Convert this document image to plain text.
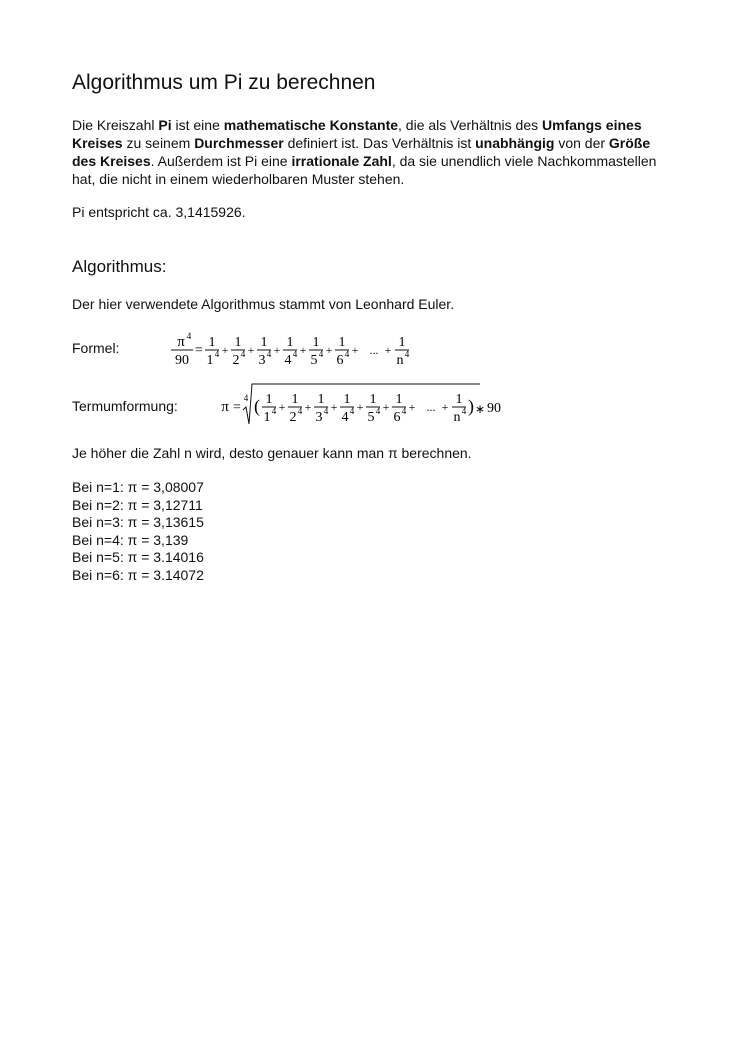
Algorithmus um Pi zu berechnen

Die Kreiszahl Pi ist eine mathematische Konstante, die als Verhältnis des Umfangs eines Kreises zu seinem Durchmesser definiert ist. Das Verhältnis ist unabhängig von der Größe des Kreises. Außerdem ist Pi eine irrationale Zahl, da sie unendlich viele Nachkommastellen hat, die nicht in einem wiederholbaren Muster stehen.

Pi entspricht ca. 3,1415926.

Algorithmus:

Der hier verwendete Algorithmus stammt von Leonhard Euler.

Formel:	π 4
90
=
1
1 4 + 1
2 4 + 1
3 4 + 1
4 4 + 1
5 4 + 1
6 4 + ... + 1
n 4

Termumformung:	π =
4 ( 1
1 4 + 1
2 4 + 1
3 4 + 1
4 4 + 1
5 4 + 1
6 4 + ... + 1
n 4 ) ∗ 90

Je höher die Zahl n wird, desto genauer kann man π berechnen.

Bei n=1: π = 3,08007
Bei n=2: π = 3,12711
Bei n=3: π = 3,13615
Bei n=4: π = 3,139
Bei n=5: π = 3.14016
Bei n=6: π = 3.14072
